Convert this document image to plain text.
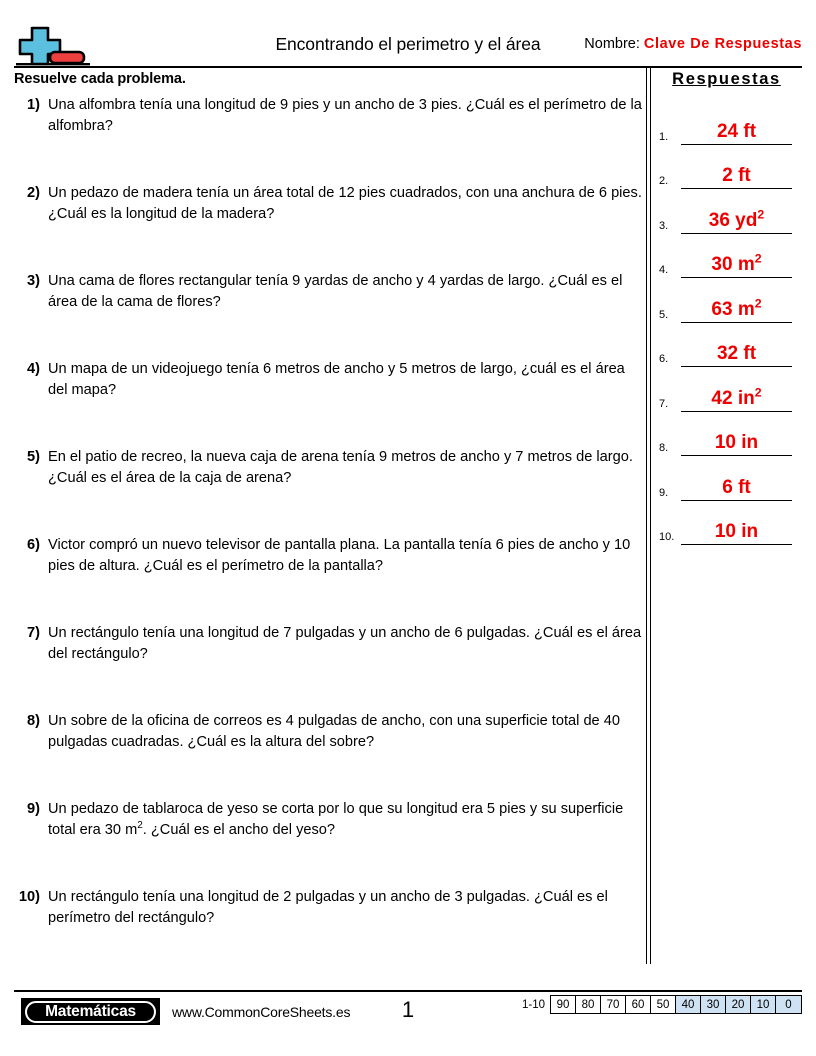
Encontrando el perimetro y el área	Nombre: Clave De Respuestas
Resuelve cada problema.
1) Una alfombra tenía una longitud de 9 pies y un ancho de 3 pies. ¿Cuál es el perímetro de la alfombra?
2) Un pedazo de madera tenía un área total de 12 pies cuadrados, con una anchura de 6 pies. ¿Cuál es la longitud de la madera?
3) Una cama de flores rectangular tenía 9 yardas de ancho y 4 yardas de largo. ¿Cuál es el área de la cama de flores?
4) Un mapa de un videojuego tenía 6 metros de ancho y 5 metros de largo, ¿cuál es el área del mapa?
5) En el patio de recreo, la nueva caja de arena tenía 9 metros de ancho y 7 metros de largo. ¿Cuál es el área de la caja de arena?
6) Victor compró un nuevo televisor de pantalla plana. La pantalla tenía 6 pies de ancho y 10 pies de altura. ¿Cuál es el perímetro de la pantalla?
7) Un rectángulo tenía una longitud de 7 pulgadas y un ancho de 6 pulgadas. ¿Cuál es el área del rectángulo?
8) Un sobre de la oficina de correos es 4 pulgadas de ancho, con una superficie total de 40 pulgadas cuadradas. ¿Cuál es la altura del sobre?
9) Un pedazo de tablaroca de yeso se corta por lo que su longitud era 5 pies y su superficie total era 30 $m^2$. ¿Cuál es el ancho del yeso?
10) Un rectángulo tenía una longitud de 2 pulgadas y un ancho de 3 pulgadas. ¿Cuál es el perímetro del rectángulo?
Respuestas
1.	24 ft
2.	2 ft
3.	36 $yd^2$
4.	30 $m^2$
5.	63 $m^2$
6.	32 ft
7.	42 $in^2$
8.	10 in
9.	6 ft
10.	10 in
Matemáticas	www.CommonCoreSheets.es	1	1-10	90	80	70	60	50	40	30	20	10	0
